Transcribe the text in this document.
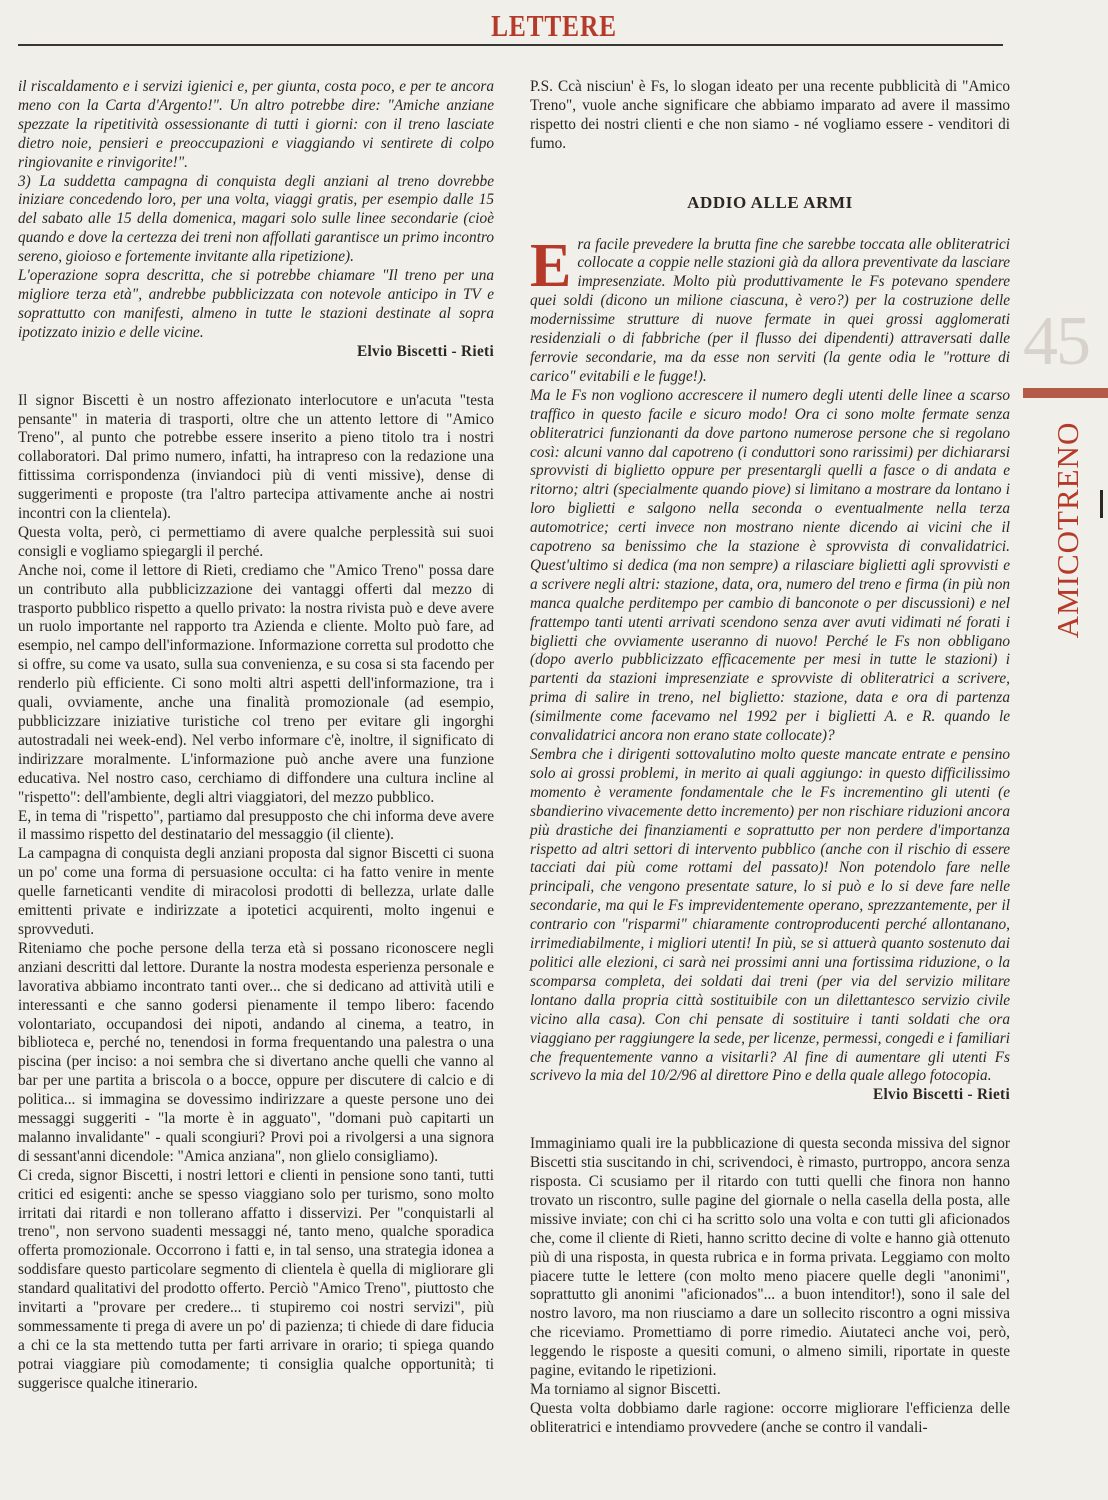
LETTERE

il riscaldamento e i servizi igienici e, per giunta, costa poco, e per te ancora meno con la Carta d'Argento!". Un altro potrebbe dire: "Amiche anziane spezzate la ripetitività ossessionante di tutti i giorni: con il treno lasciate dietro noie, pensieri e preoccupazioni e viaggiando vi sentirete di colpo ringiovanite e rinvigorite!".

3) La suddetta campagna di conquista degli anziani al treno dovrebbe iniziare concedendo loro, per una volta, viaggi gratis, per esempio dalle 15 del sabato alle 15 della domenica, magari solo sulle linee secondarie (cioè quando e dove la certezza dei treni non affollati garantisce un primo incontro sereno, gioioso e fortemente invitante alla ripetizione).

L'operazione sopra descritta, che si potrebbe chiamare "Il treno per una migliore terza età", andrebbe pubblicizzata con notevole anticipo in TV e soprattutto con manifesti, almeno in tutte le stazioni destinate al sopra ipotizzato inizio e delle vicine.

Elvio Biscetti - Rieti

Il signor Biscetti è un nostro affezionato interlocutore e un'acuta "testa pensante" in materia di trasporti, oltre che un attento lettore di "Amico Treno", al punto che potrebbe essere inserito a pieno titolo tra i nostri collaboratori. Dal primo numero, infatti, ha intrapreso con la redazione una fittissima corrispondenza (inviandoci più di venti missive), dense di suggerimenti e proposte (tra l'altro partecipa attivamente anche ai nostri incontri con la clientela).

Questa volta, però, ci permettiamo di avere qualche perplessità sui suoi consigli e vogliamo spiegargli il perché.

Anche noi, come il lettore di Rieti, crediamo che "Amico Treno" possa dare un contributo alla pubblicizzazione dei vantaggi offerti dal mezzo di trasporto pubblico rispetto a quello privato: la nostra rivista può e deve avere un ruolo importante nel rapporto tra Azienda e cliente. Molto può fare, ad esempio, nel campo dell'informazione. Informazione corretta sul prodotto che si offre, su come va usato, sulla sua convenienza, e su cosa si sta facendo per renderlo più efficiente. Ci sono molti altri aspetti dell'informazione, tra i quali, ovviamente, anche una finalità promozionale (ad esempio, pubblicizzare iniziative turistiche col treno per evitare gli ingorghi autostradali nei week-end). Nel verbo informare c'è, inoltre, il significato di indirizzare moralmente. L'informazione può anche avere una funzione educativa. Nel nostro caso, cerchiamo di diffondere una cultura incline al "rispetto": dell'ambiente, degli altri viaggiatori, del mezzo pubblico.

E, in tema di "rispetto", partiamo dal presupposto che chi informa deve avere il massimo rispetto del destinatario del messaggio (il cliente).

La campagna di conquista degli anziani proposta dal signor Biscetti ci suona un po' come una forma di persuasione occulta: ci ha fatto venire in mente quelle farneticanti vendite di miracolosi prodotti di bellezza, urlate dalle emittenti private e indirizzate a ipotetici acquirenti, molto ingenui e sprovveduti.

Riteniamo che poche persone della terza età si possano riconoscere negli anziani descritti dal lettore. Durante la nostra modesta esperienza personale e lavorativa abbiamo incontrato tanti over... che si dedicano ad attività utili e interessanti e che sanno godersi pienamente il tempo libero: facendo volontariato, occupandosi dei nipoti, andando al cinema, a teatro, in biblioteca e, perché no, tenendosi in forma frequentando una palestra o una piscina (per inciso: a noi sembra che si divertano anche quelli che vanno al bar per une partita a briscola o a bocce, oppure per discutere di calcio e di politica... si immagina se dovessimo indirizzare a queste persone uno dei messaggi suggeriti - "la morte è in agguato", "domani può capitarti un malanno invalidante" - quali scongiuri? Provi poi a rivolgersi a una signora di sessant'anni dicendole: "Amica anziana", non glielo consigliamo).

Ci creda, signor Biscetti, i nostri lettori e clienti in pensione sono tanti, tutti critici ed esigenti: anche se spesso viaggiano solo per turismo, sono molto irritati dai ritardi e non tollerano affatto i disservizi. Per "conquistarli al treno", non servono suadenti messaggi né, tanto meno, qualche sporadica offerta promozionale. Occorrono i fatti e, in tal senso, una strategia idonea a soddisfare questo particolare segmento di clientela è quella di migliorare gli standard qualitativi del prodotto offerto. Perciò "Amico Treno", piuttosto che invitarti a "provare per credere... ti stupiremo coi nostri servizi", più sommessamente ti prega di avere un po' di pazienza; ti chiede di dare fiducia a chi ce la sta mettendo tutta per farti arrivare in orario; ti spiega quando potrai viaggiare più comodamente; ti consiglia qualche opportunità; ti suggerisce qualche itinerario.

P.S. Ccà nisciun' è Fs, lo slogan ideato per una recente pubblicità di "Amico Treno", vuole anche significare che abbiamo imparato ad avere il massimo rispetto dei nostri clienti e che non siamo - né vogliamo essere - venditori di fumo.

ADDIO ALLE ARMI

Era facile prevedere la brutta fine che sarebbe toccata alle obliteratrici collocate a coppie nelle stazioni già da allora preventivate da lasciare impresenziate. Molto più produttivamente le Fs potevano spendere quei soldi (dicono un milione ciascuna, è vero?) per la costruzione delle modernissime strutture di nuove fermate in quei grossi agglomerati residenziali o di fabbriche (per il flusso dei dipendenti) attraversati dalle ferrovie secondarie, ma da esse non serviti (la gente odia le "rotture di carico" evitabili e le fugge!).

Ma le Fs non vogliono accrescere il numero degli utenti delle linee a scarso traffico in questo facile e sicuro modo! Ora ci sono molte fermate senza obliteratrici funzionanti da dove partono numerose persone che si regolano così: alcuni vanno dal capotreno (i conduttori sono rarissimi) per dichiararsi sprovvisti di biglietto oppure per presentargli quelli a fasce o di andata e ritorno; altri (specialmente quando piove) si limitano a mostrare da lontano i loro biglietti e salgono nella seconda o eventualmente nella terza automotrice; certi invece non mostrano niente dicendo ai vicini che il capotreno sa benissimo che la stazione è sprovvista di convalidatrici. Quest'ultimo si dedica (ma non sempre) a rilasciare biglietti agli sprovvisti e a scrivere negli altri: stazione, data, ora, numero del treno e firma (in più non manca qualche perditempo per cambio di banconote o per discussioni) e nel frattempo tanti utenti arrivati scendono senza aver avuti vidimati né forati i biglietti che ovviamente useranno di nuovo! Perché le Fs non obbligano (dopo averlo pubblicizzato efficacemente per mesi in tutte le stazioni) i partenti da stazioni impresenziate e sprovviste di obliteratrici a scrivere, prima di salire in treno, nel biglietto: stazione, data e ora di partenza (similmente come facevamo nel 1992 per i biglietti A. e R. quando le convalidatrici ancora non erano state collocate)?

Sembra che i dirigenti sottovalutino molto queste mancate entrate e pensino solo ai grossi problemi, in merito ai quali aggiungo: in questo difficilissimo momento è veramente fondamentale che le Fs incrementino gli utenti (e sbandierino vivacemente detto incremento) per non rischiare riduzioni ancora più drastiche dei finanziamenti e soprattutto per non perdere d'importanza rispetto ad altri settori di intervento pubblico (anche con il rischio di essere tacciati dai più come rottami del passato)! Non potendolo fare nelle principali, che vengono presentate sature, lo si può e lo si deve fare nelle secondarie, ma qui le Fs imprevidentemente operano, sprezzantemente, per il contrario con "risparmi" chiaramente controproducenti perché allontanano, irrimediabilmente, i migliori utenti! In più, se si attuerà quanto sostenuto dai politici alle elezioni, ci sarà nei prossimi anni una fortissima riduzione, o la scomparsa completa, dei soldati dai treni (per via del servizio militare lontano dalla propria città sostituibile con un dilettantesco servizio civile vicino alla casa). Con chi pensate di sostituire i tanti soldati che ora viaggiano per raggiungere la sede, per licenze, permessi, congedi e i familiari che frequentemente vanno a visitarli? Al fine di aumentare gli utenti Fs scrivevo la mia del 10/2/96 al direttore Pino e della quale allego fotocopia.

Elvio Biscetti - Rieti

Immaginiamo quali ire la pubblicazione di questa seconda missiva del signor Biscetti stia suscitando in chi, scrivendoci, è rimasto, purtroppo, ancora senza risposta. Ci scusiamo per il ritardo con tutti quelli che finora non hanno trovato un riscontro, sulle pagine del giornale o nella casella della posta, alle missive inviate; con chi ci ha scritto solo una volta e con tutti gli aficionados che, come il cliente di Rieti, hanno scritto decine di volte e hanno già ottenuto più di una risposta, in questa rubrica e in forma privata. Leggiamo con molto piacere tutte le lettere (con molto meno piacere quelle degli "anonimi", soprattutto gli anonimi "aficionados"... a buon intenditor!), sono il sale del nostro lavoro, ma non riusciamo a dare un sollecito riscontro a ogni missiva che riceviamo. Promettiamo di porre rimedio. Aiutateci anche voi, però, leggendo le risposte a quesiti comuni, o almeno simili, riportate in queste pagine, evitando le ripetizioni.

Ma torniamo al signor Biscetti.

Questa volta dobbiamo darle ragione: occorre migliorare l'efficienza delle obliteratrici e intendiamo provvedere (anche se contro il vandali-

45
AMICOTRENO
